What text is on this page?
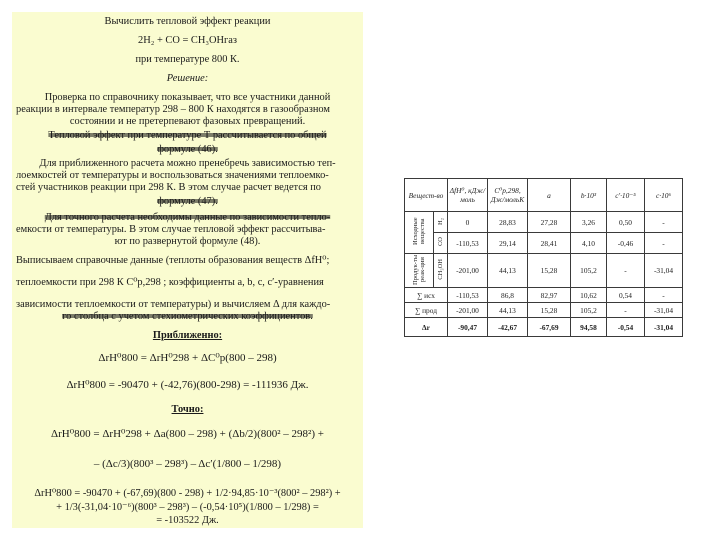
Вычислить тепловой эффект реакции
2H₂ + CO = CH₃OHгаз
при температуре 800 К.
Решение:
Проверка по справочнику показывает, что все участники данной
реакции в интервале температур 298 – 800 К находятся в газообразном
состоянии и не претерпевают фазовых превращений.
Тепловой эффект при температуре Т рассчитывается по общей
формуле (46).
Для приближенного расчета можно пренебречь зависимостью теп-
лоемкостей от температуры и воспользоваться значениями теплоемко-
стей участников реакции при 298 К. В этом случае расчет ведется по
формуле (47).
Для точного расчета необходимы данные по зависимости тепло-
емкости от температуры. В этом случае тепловой эффект рассчитыва-
ют по развернутой формуле (48).
Выписываем справочные данные (теплоты образования веществ ΔfH⁰;
теплоемкости при 298 К C⁰p,298 ; коэффициенты a, b, c, c′-уравнения
зависимости теплоемкости от температуры) и вычисляем Δ для каждо-
го столбца с учетом стехиометрических коэффициентов.
Приближенно:
ΔrH⁰800 = ΔrH⁰298 + ΔC⁰p(800 – 298)
ΔrH⁰800 = -90470 + (-42,76)(800-298) = -111936 Дж.
Точно:
ΔrH⁰800 = ΔrH⁰298 + Δa(800 – 298) + (Δb/2)(800² – 298²) +
– (Δc/3)(800³ – 298³) – Δc′(1/800 – 1/298)
ΔrH⁰800 = -90470 + (-67,69)(800 - 298) + 1/2·94,85·10⁻³(800² – 298²) +
+ 1/3(-31,04·10⁻⁶)(800³ – 298³) – (-0,54·10⁵)(1/800 – 1/298) =
= -103522 Дж.
Вещест-во		ΔfH⁰, кДж/моль	C⁰p,298, Дж/мольК	a	b·10³	c′·10⁻⁵	c·10⁶
Исходные вещества	H₂	0	28,83	27,28	3,26	0,50	-
	CO	-110,53	29,14	28,41	4,10	-0,46	-
Продук-ты реак-ции	CH₃OH	-201,00	44,13	15,28	105,2	-	-31,04
∑ исх		-110,53	86,8	82,97	10,62	0,54	-
∑ прод		-201,00	44,13	15,28	105,2	-	-31,04
Δr		-90,47	-42,67	-67,69	94,58	-0,54	-31,04
